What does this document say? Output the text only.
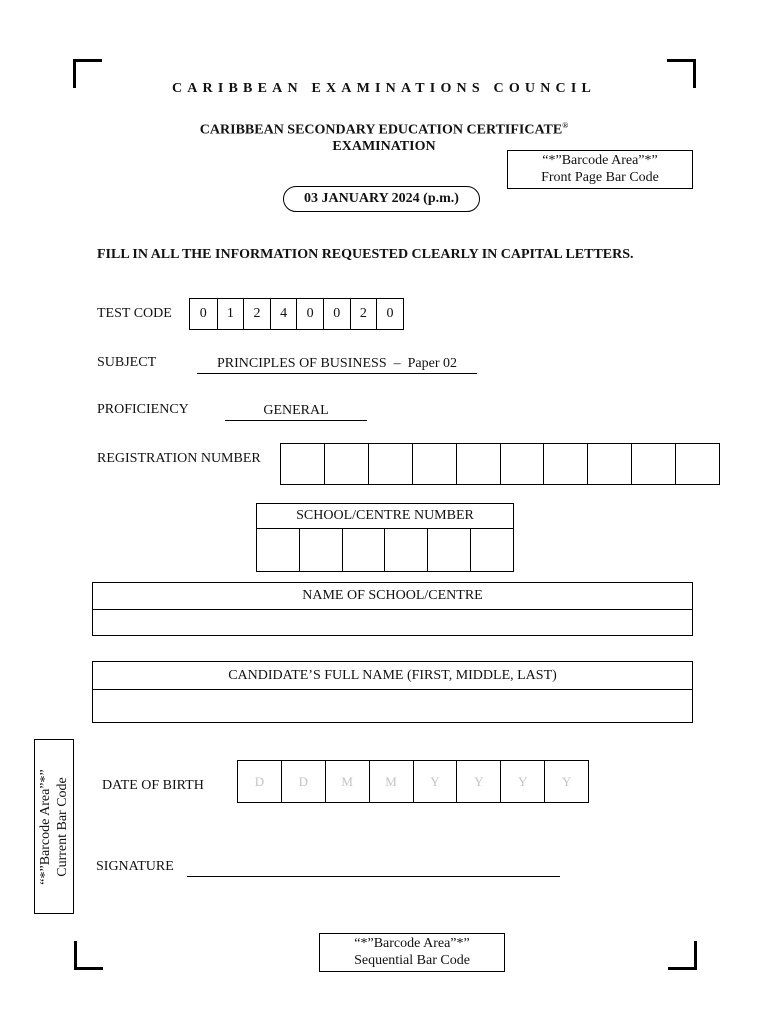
CARIBBEAN EXAMINATIONS COUNCIL
CARIBBEAN SECONDARY EDUCATION CERTIFICATE®
EXAMINATION
“*”Barcode Area”*”
Front Page Bar Code
03 JANUARY 2024 (p.m.)
FILL IN ALL THE INFORMATION REQUESTED CLEARLY IN CAPITAL LETTERS.
TEST CODE	0	1	2	4	0	0	2	0
SUBJECT	PRINCIPLES OF BUSINESS  –  Paper 02
PROFICIENCY	GENERAL
REGISTRATION NUMBER
SCHOOL/CENTRE NUMBER
NAME OF SCHOOL/CENTRE
CANDIDATE’S FULL NAME (FIRST, MIDDLE, LAST)
“*”Barcode Area”*” Current Bar Code DATE OF BIRTH	D	D	M	M	Y	Y	Y	Y
SIGNATURE
“*”Barcode Area”*”
Sequential Bar Code
